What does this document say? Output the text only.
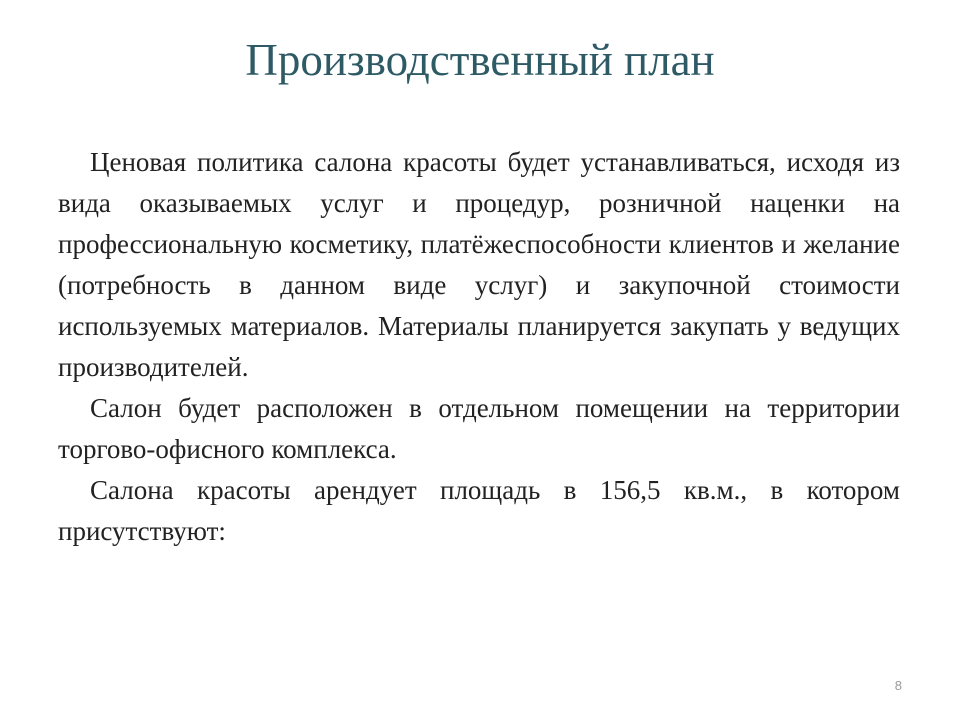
Производственный план

Ценовая политика салона красоты будет устанавливаться, исходя из вида оказываемых услуг и процедур, розничной наценки на профессиональную косметику, платёжеспособности клиентов и желание (потребность в данном виде услуг) и закупочной стоимости используемых материалов. Материалы планируется закупать у ведущих производителей.

Салон будет расположен в отдельном помещении на территории торгово-офисного комплекса.

Салона красоты арендует площадь в 156,5 кв.м., в котором присутствуют:

8
